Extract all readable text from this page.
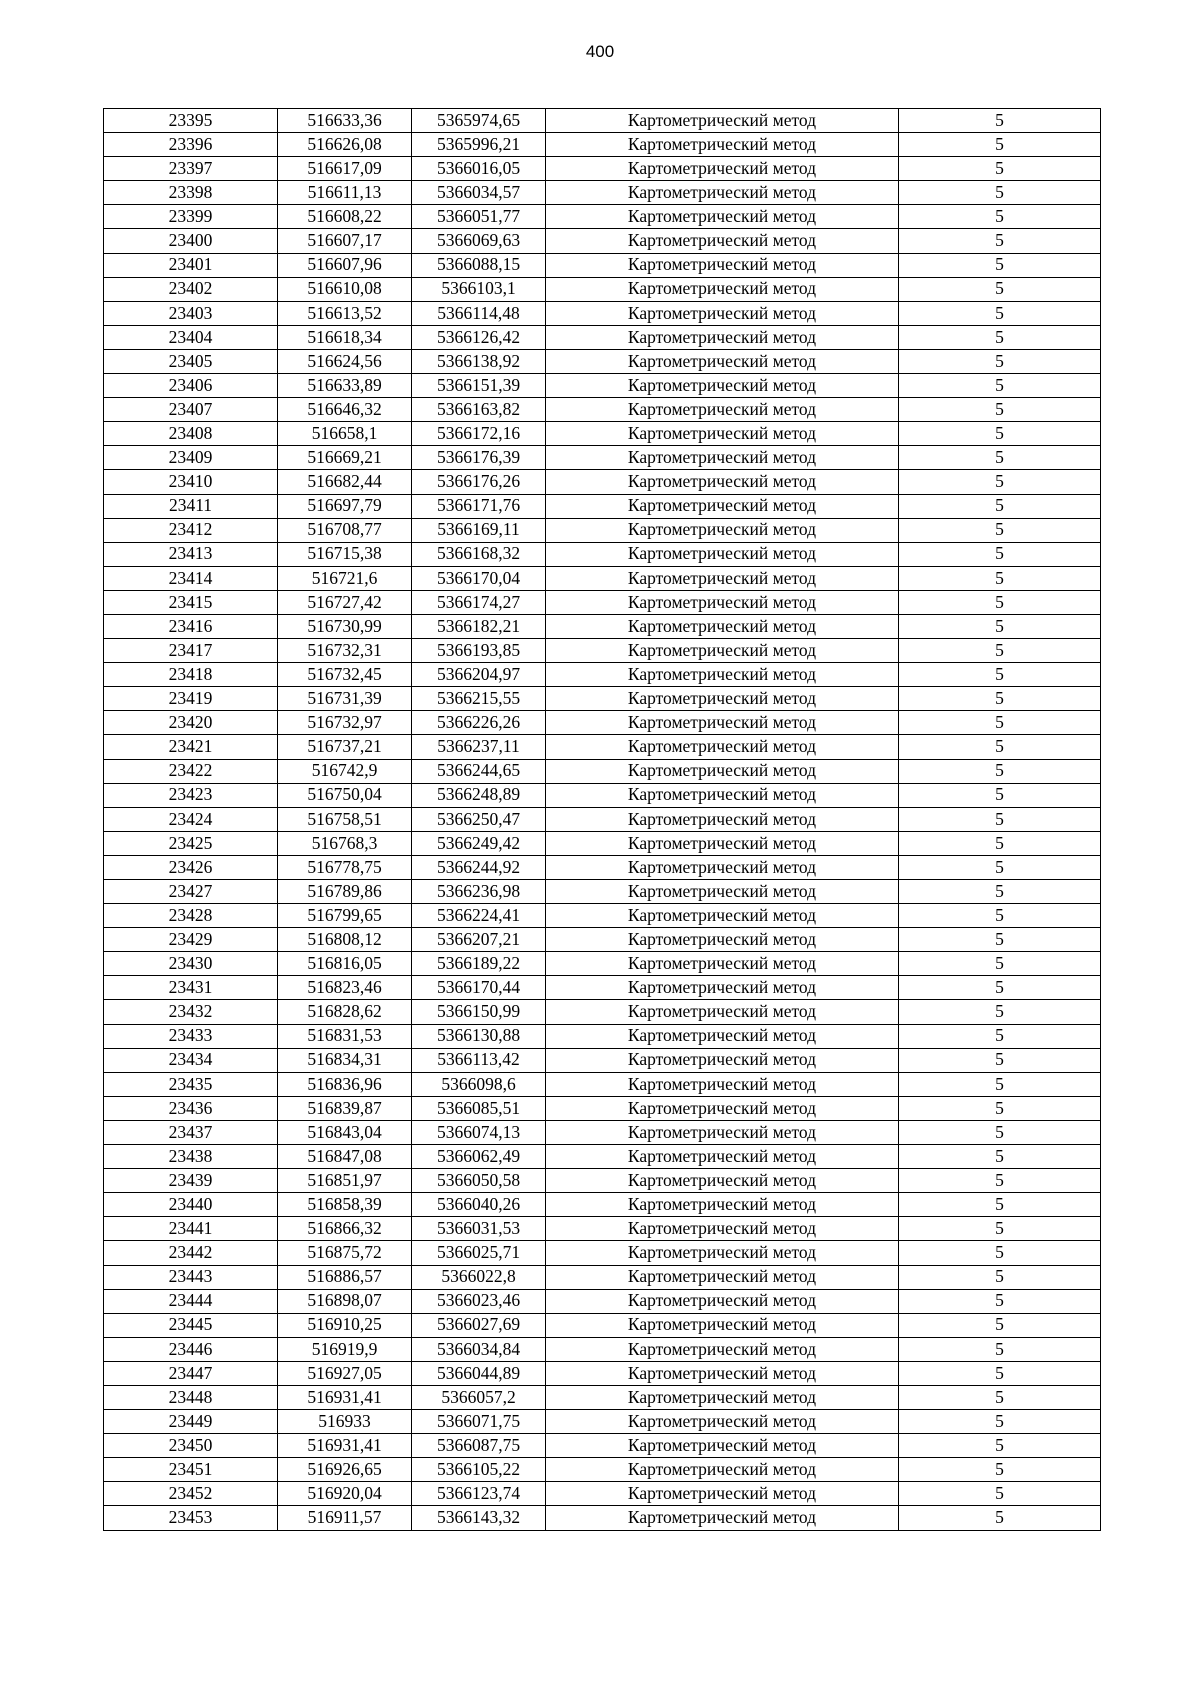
400
23395	516633,36	5365974,65	Картометрический метод	5
23396	516626,08	5365996,21	Картометрический метод	5
23397	516617,09	5366016,05	Картометрический метод	5
23398	516611,13	5366034,57	Картометрический метод	5
23399	516608,22	5366051,77	Картометрический метод	5
23400	516607,17	5366069,63	Картометрический метод	5
23401	516607,96	5366088,15	Картометрический метод	5
23402	516610,08	5366103,1	Картометрический метод	5
23403	516613,52	5366114,48	Картометрический метод	5
23404	516618,34	5366126,42	Картометрический метод	5
23405	516624,56	5366138,92	Картометрический метод	5
23406	516633,89	5366151,39	Картометрический метод	5
23407	516646,32	5366163,82	Картометрический метод	5
23408	516658,1	5366172,16	Картометрический метод	5
23409	516669,21	5366176,39	Картометрический метод	5
23410	516682,44	5366176,26	Картометрический метод	5
23411	516697,79	5366171,76	Картометрический метод	5
23412	516708,77	5366169,11	Картометрический метод	5
23413	516715,38	5366168,32	Картометрический метод	5
23414	516721,6	5366170,04	Картометрический метод	5
23415	516727,42	5366174,27	Картометрический метод	5
23416	516730,99	5366182,21	Картометрический метод	5
23417	516732,31	5366193,85	Картометрический метод	5
23418	516732,45	5366204,97	Картометрический метод	5
23419	516731,39	5366215,55	Картометрический метод	5
23420	516732,97	5366226,26	Картометрический метод	5
23421	516737,21	5366237,11	Картометрический метод	5
23422	516742,9	5366244,65	Картометрический метод	5
23423	516750,04	5366248,89	Картометрический метод	5
23424	516758,51	5366250,47	Картометрический метод	5
23425	516768,3	5366249,42	Картометрический метод	5
23426	516778,75	5366244,92	Картометрический метод	5
23427	516789,86	5366236,98	Картометрический метод	5
23428	516799,65	5366224,41	Картометрический метод	5
23429	516808,12	5366207,21	Картометрический метод	5
23430	516816,05	5366189,22	Картометрический метод	5
23431	516823,46	5366170,44	Картометрический метод	5
23432	516828,62	5366150,99	Картометрический метод	5
23433	516831,53	5366130,88	Картометрический метод	5
23434	516834,31	5366113,42	Картометрический метод	5
23435	516836,96	5366098,6	Картометрический метод	5
23436	516839,87	5366085,51	Картометрический метод	5
23437	516843,04	5366074,13	Картометрический метод	5
23438	516847,08	5366062,49	Картометрический метод	5
23439	516851,97	5366050,58	Картометрический метод	5
23440	516858,39	5366040,26	Картометрический метод	5
23441	516866,32	5366031,53	Картометрический метод	5
23442	516875,72	5366025,71	Картометрический метод	5
23443	516886,57	5366022,8	Картометрический метод	5
23444	516898,07	5366023,46	Картометрический метод	5
23445	516910,25	5366027,69	Картометрический метод	5
23446	516919,9	5366034,84	Картометрический метод	5
23447	516927,05	5366044,89	Картометрический метод	5
23448	516931,41	5366057,2	Картометрический метод	5
23449	516933	5366071,75	Картометрический метод	5
23450	516931,41	5366087,75	Картометрический метод	5
23451	516926,65	5366105,22	Картометрический метод	5
23452	516920,04	5366123,74	Картометрический метод	5
23453	516911,57	5366143,32	Картометрический метод	5
